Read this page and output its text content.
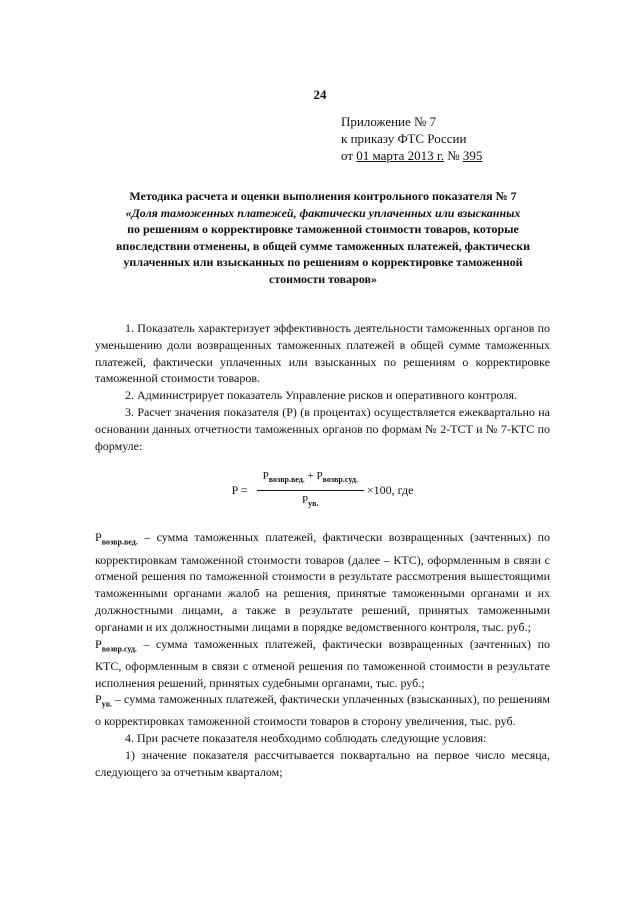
24
Приложение № 7
к приказу ФТС России
от 01 марта 2013 г. № 395
Методика расчета и оценки выполнения контрольного показателя № 7
«Доля таможенных платежей, фактически уплаченных или взысканных
по решениям о корректировке таможенной стоимости товаров, которые
впоследствии отменены, в общей сумме таможенных платежей, фактически
уплаченных или взысканных по решениям о корректировке таможенной
стоимости товаров»

1. Показатель характеризует эффективность деятельности таможенных органов по уменьшению доли возвращенных таможенных платежей в общей сумме таможенных платежей, фактически уплаченных или взысканных по решениям о корректировке таможенной стоимости товаров.

2. Администрирует показатель Управление рисков и оперативного контроля.

3. Расчет значения показателя (P) (в процентах) осуществляется ежеквартально на основании данных отчетности таможенных органов по формам № 2-ТСТ и № 7-КТС по формуле:

$P = \frac{P_{возвр.вед.} + P_{возвр.суд.}}{P_{ув.}} \times 100$, где

$P_{возвр.вед.}$ – сумма таможенных платежей, фактически возвращенных (зачтенных) по корректировкам таможенной стоимости товаров (далее – КТС), оформленным в связи с отменой решения по таможенной стоимости в результате рассмотрения вышестоящими таможенными органами жалоб на решения, принятые таможенными органами и их должностными лицами, а также в результате решений, принятых таможенными органами и их должностными лицами в порядке ведомственного контроля, тыс. руб.;

$P_{возвр.суд.}$ – сумма таможенных платежей, фактически возвращенных (зачтенных) по КТС, оформленным в связи с отменой решения по таможенной стоимости в результате исполнения решений, принятых судебными органами, тыс. руб.;

$P_{ув.}$ – сумма таможенных платежей, фактически уплаченных (взысканных), по решениям о корректировках таможенной стоимости товаров в сторону увеличения, тыс. руб.

4. При расчете показателя необходимо соблюдать следующие условия:

1) значение показателя рассчитывается поквартально на первое число месяца, следующего за отчетным кварталом;
